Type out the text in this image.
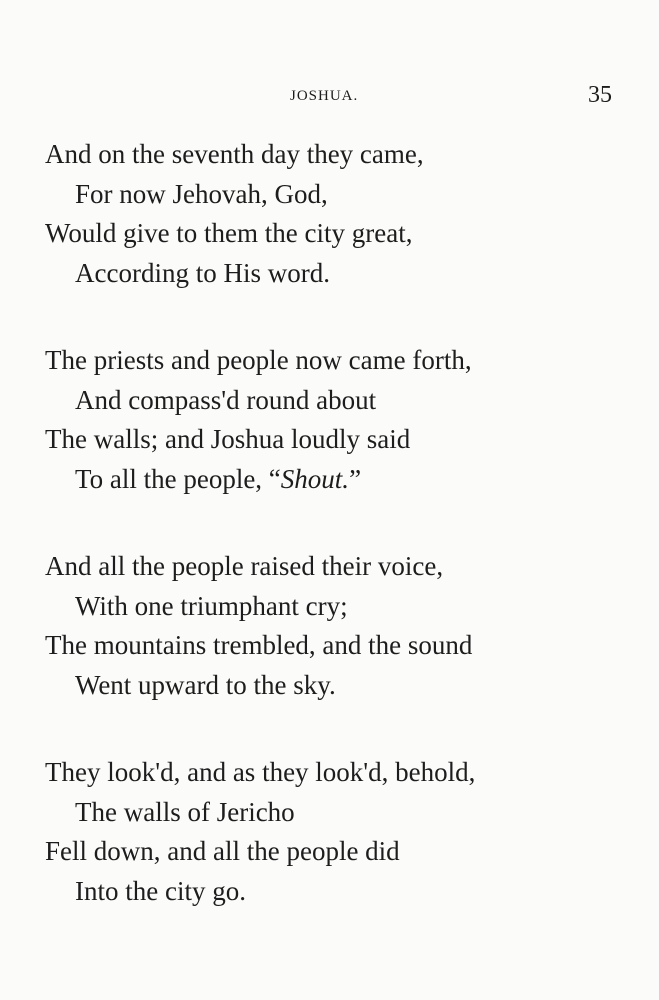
JOSHUA.	35

And on the seventh day they came,
For now Jehovah, God,
Would give to them the city great,
According to His word.

The priests and people now came forth,
And compass'd round about
The walls; and Joshua loudly said
To all the people, “Shout.”

And all the people raised their voice,
With one triumphant cry;
The mountains trembled, and the sound
Went upward to the sky.

They look'd, and as they look'd, behold,
The walls of Jericho
Fell down, and all the people did
Into the city go.
